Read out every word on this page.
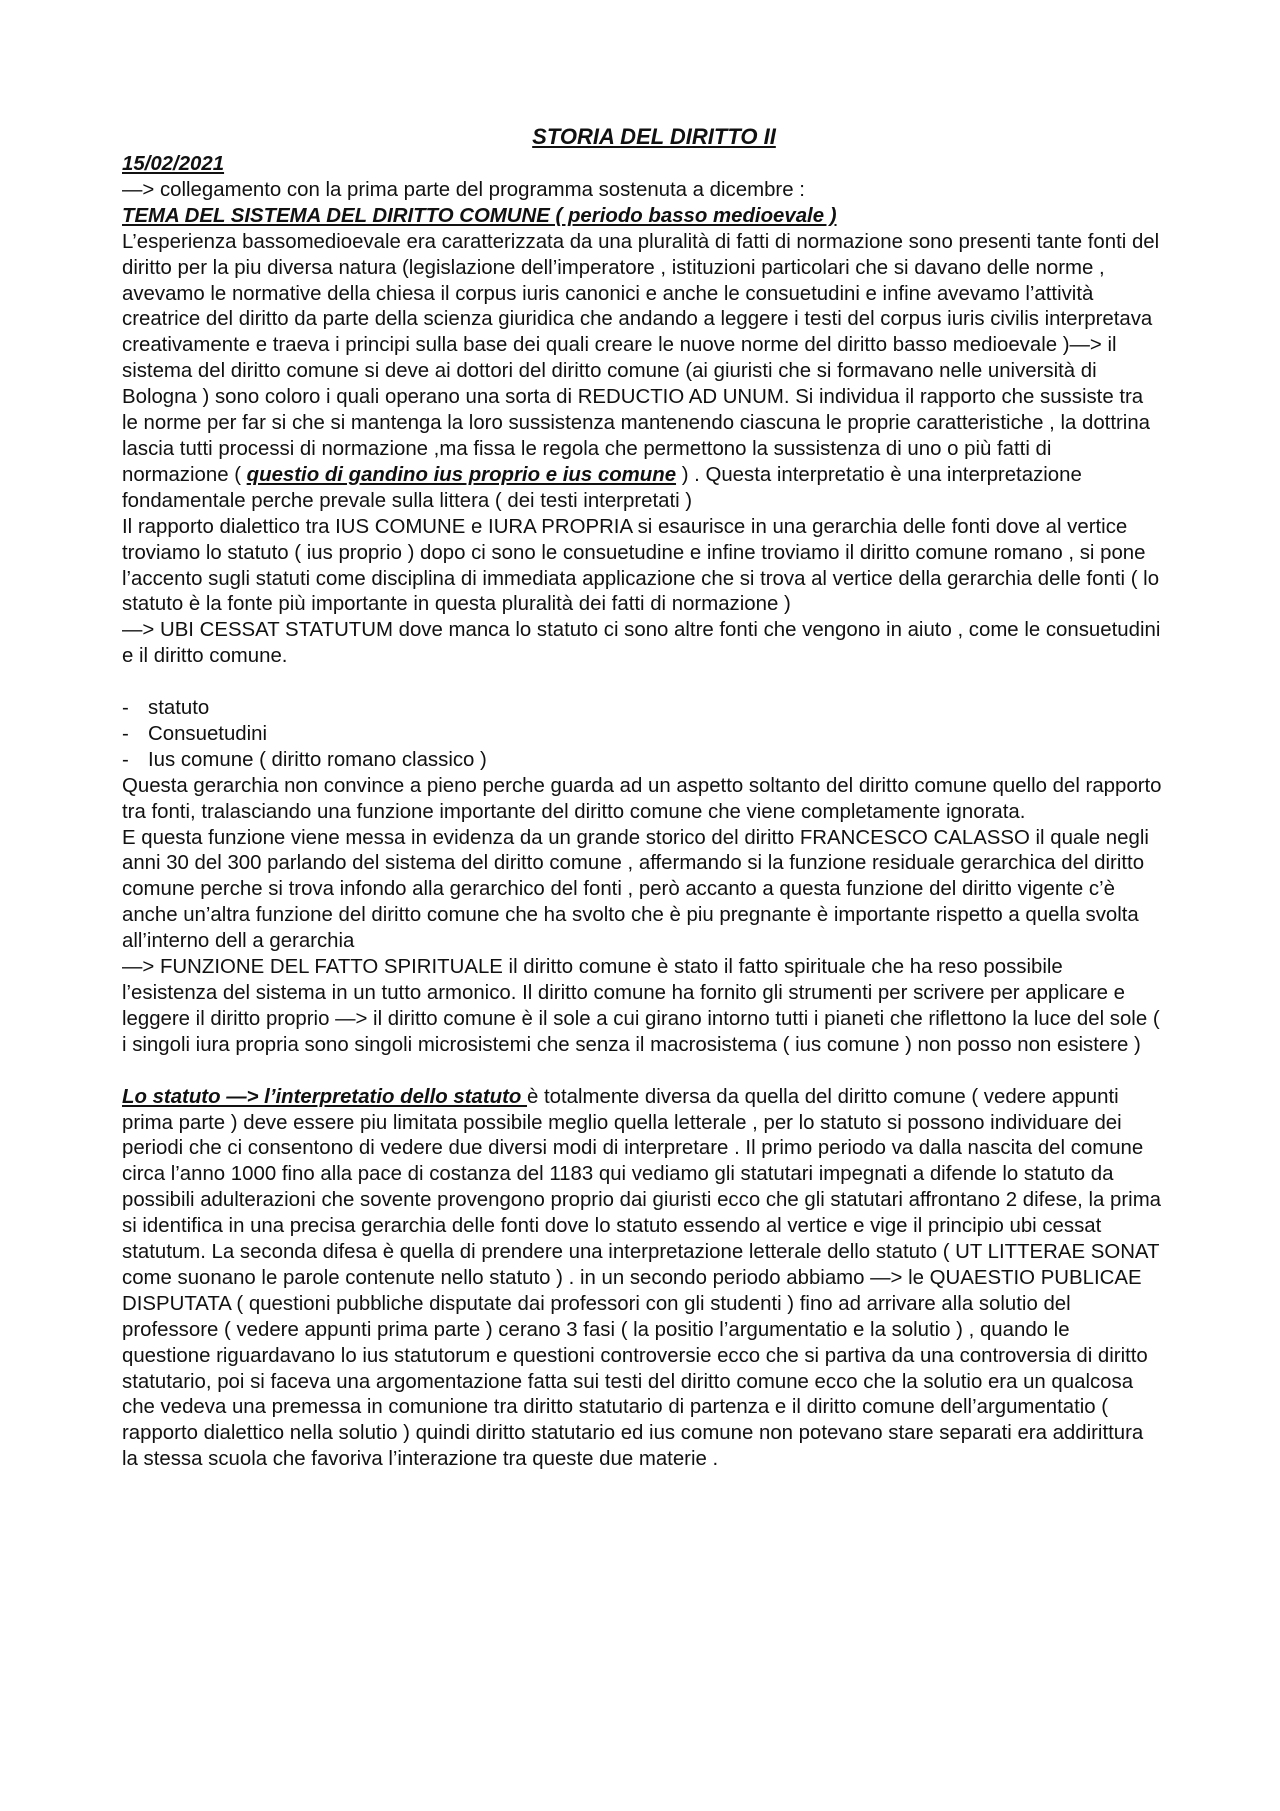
STORIA DEL DIRITTO II

15/02/2021

—> collegamento con la prima parte del programma sostenuta a dicembre :

TEMA DEL SISTEMA DEL DIRITTO COMUNE ( periodo basso medioevale )

L’esperienza bassomedioevale era caratterizzata da una pluralità di fatti di normazione sono presenti tante fonti del diritto per la piu diversa natura (legislazione dell’imperatore , istituzioni particolari che si davano delle norme , avevamo le normative della chiesa il corpus iuris canonici e anche le consuetudini e infine avevamo l’attività creatrice del diritto da parte della scienza giuridica che andando a leggere i testi del corpus iuris civilis interpretava creativamente e traeva i principi sulla base dei quali creare le nuove norme del diritto basso medioevale )—> il sistema del diritto comune si deve ai dottori del diritto comune (ai giuristi che si formavano nelle università di Bologna ) sono coloro i quali operano una sorta di REDUCTIO AD UNUM. Si individua il rapporto che sussiste tra le norme per far si che si mantenga la loro sussistenza mantenendo ciascuna le proprie caratteristiche , la dottrina lascia tutti processi di normazione ,ma fissa le regola che permettono la sussistenza di uno o più fatti di normazione ( questio di gandino ius proprio e ius comune ) . Questa interpretatio è una interpretazione fondamentale perche prevale sulla littera ( dei testi interpretati )

Il rapporto dialettico tra IUS COMUNE e IURA PROPRIA si esaurisce in una gerarchia delle fonti dove al vertice troviamo lo statuto ( ius proprio ) dopo ci sono le consuetudine e infine troviamo il diritto comune romano , si pone l’accento sugli statuti come disciplina di immediata applicazione che si trova al vertice della gerarchia delle fonti ( lo statuto è la fonte più importante in questa pluralità dei fatti di normazione )

—> UBI CESSAT STATUTUM dove manca lo statuto ci sono altre fonti che vengono in aiuto , come le consuetudini e il diritto comune.

- statuto
- Consuetudini
- Ius comune ( diritto romano classico )

Questa gerarchia non convince a pieno perche guarda ad un aspetto soltanto del diritto comune quello del rapporto tra fonti, tralasciando una funzione importante del diritto comune che viene completamente ignorata.

E questa funzione viene messa in evidenza da un grande storico del diritto FRANCESCO CALASSO il quale negli anni 30 del 300 parlando del sistema del diritto comune , affermando si la funzione residuale gerarchica del diritto comune perche si trova infondo alla gerarchico del fonti , però accanto a questa funzione del diritto vigente c’è anche un’altra funzione del diritto comune che ha svolto che è piu pregnante è importante rispetto a quella svolta all’interno dell a gerarchia

—> FUNZIONE DEL FATTO SPIRITUALE il diritto comune è stato il fatto spirituale che ha reso possibile l’esistenza del sistema in un tutto armonico. Il diritto comune ha fornito gli strumenti per scrivere per applicare e leggere il diritto proprio —> il diritto comune è il sole a cui girano intorno tutti i pianeti che riflettono la luce del sole ( i singoli iura propria sono singoli microsistemi che senza il macrosistema ( ius comune ) non posso non esistere )

Lo statuto —> l’interpretatio dello statuto è totalmente diversa da quella del diritto comune ( vedere appunti prima parte ) deve essere piu limitata possibile meglio quella letterale , per lo statuto si possono individuare dei periodi che ci consentono di vedere due diversi modi di interpretare . Il primo periodo va dalla nascita del comune circa l’anno 1000 fino alla pace di costanza del 1183 qui vediamo gli statutari impegnati a difende lo statuto da possibili adulterazioni che sovente provengono proprio dai giuristi ecco che gli statutari affrontano 2 difese, la prima si identifica in una precisa gerarchia delle fonti dove lo statuto essendo al vertice e vige il principio ubi cessat statutum. La seconda difesa è quella di prendere una interpretazione letterale dello statuto ( UT LITTERAE SONAT come suonano le parole contenute nello statuto ) . in un secondo periodo abbiamo —> le QUAESTIO PUBLICAE DISPUTATA ( questioni pubbliche disputate dai professori con gli studenti ) fino ad arrivare alla solutio del professore ( vedere appunti prima parte ) cerano 3 fasi ( la positio l’argumentatio e la solutio ) , quando le questione riguardavano lo ius statutorum e questioni controversie ecco che si partiva da una controversia di diritto statutario, poi si faceva una argomentazione fatta sui testi del diritto comune ecco che la solutio era un qualcosa che vedeva una premessa in comunione tra diritto statutario di partenza e il diritto comune dell’argumentatio ( rapporto dialettico nella solutio ) quindi diritto statutario ed ius comune non potevano stare separati era addirittura la stessa scuola che favoriva l’interazione tra queste due materie .
